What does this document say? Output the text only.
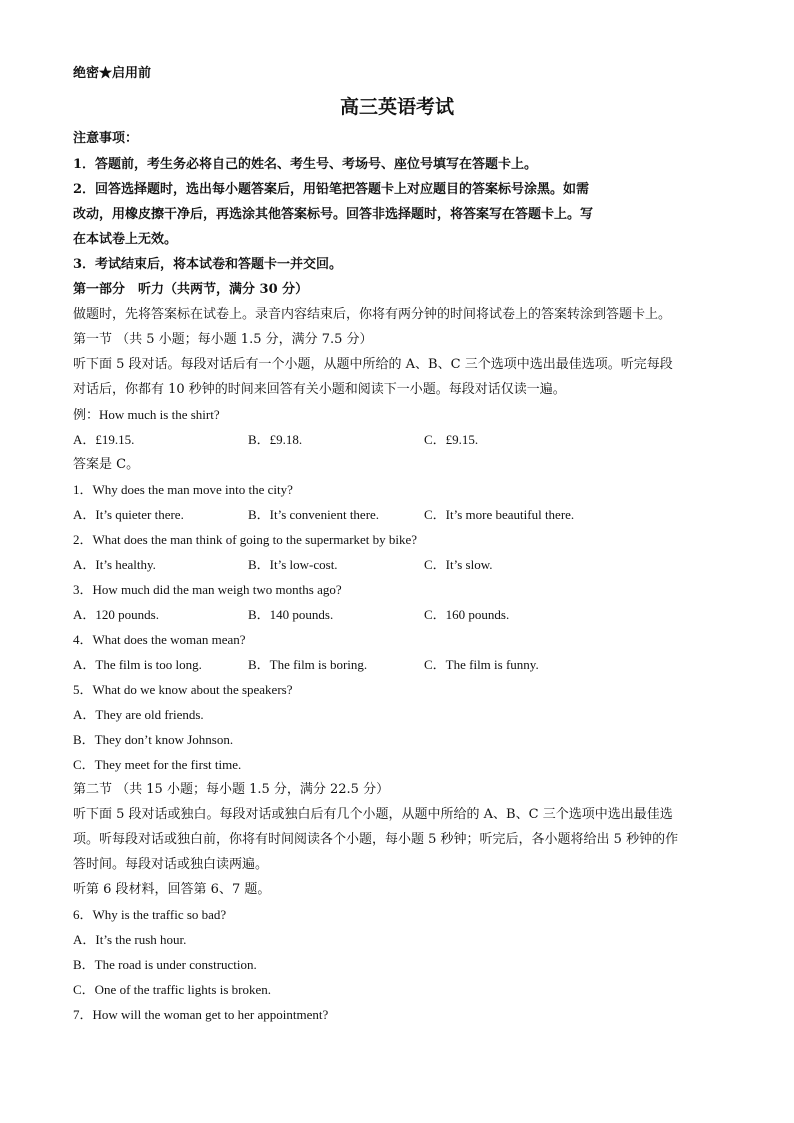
绝密★启用前
高三英语考试
注意事项：
1．答题前，考生务必将自己的姓名、考生号、考场号、座位号填写在答题卡上。
2．回答选择题时，选出每小题答案后，用铅笔把答题卡上对应题目的答案标号涂黑。如需
改动，用橡皮擦干净后，再选涂其他答案标号。回答非选择题时，将答案写在答题卡上。写
在本试卷上无效。
3．考试结束后，将本试卷和答题卡一并交回。
第一部分　听力（共两节，满分 30 分）
做题时，先将答案标在试卷上。录音内容结束后，你将有两分钟的时间将试卷上的答案转涂到答题卡上。
第一节 （共 5 小题；每小题 1.5 分，满分 7.5 分）
听下面 5 段对话。每段对话后有一个小题，从题中所给的 A、B、C 三个选项中选出最佳选项。听完每段
对话后，你都有 10 秒钟的时间来回答有关小题和阅读下一小题。每段对话仅读一遍。
例：How much is the shirt?
A．£19.15.	B．£9.18.	C．£9.15.
答案是 C。
1．Why does the man move into the city?
A．It’s quieter there.	B．It’s convenient there.	C．It’s more beautiful there.
2．What does the man think of going to the supermarket by bike?
A．It’s healthy.	B．It’s low-cost.	C．It’s slow.
3．How much did the man weigh two months ago?
A．120 pounds.	B．140 pounds.	C．160 pounds.
4．What does the woman mean?
A．The film is too long.	B．The film is boring.	C．The film is funny.
5．What do we know about the speakers?
A．They are old friends.
B．They don’t know Johnson.
C．They meet for the first time.
第二节 （共 15 小题；每小题 1.5 分，满分 22.5 分）
听下面 5 段对话或独白。每段对话或独白后有几个小题，从题中所给的 A、B、C 三个选项中选出最佳选
项。听每段对话或独白前，你将有时间阅读各个小题，每小题 5 秒钟；听完后，各小题将给出 5 秒钟的作
答时间。每段对话或独白读两遍。
听第 6 段材料，回答第 6、7 题。
6．Why is the traffic so bad?
A．It’s the rush hour.
B．The road is under construction.
C．One of the traffic lights is broken.
7．How will the woman get to her appointment?
